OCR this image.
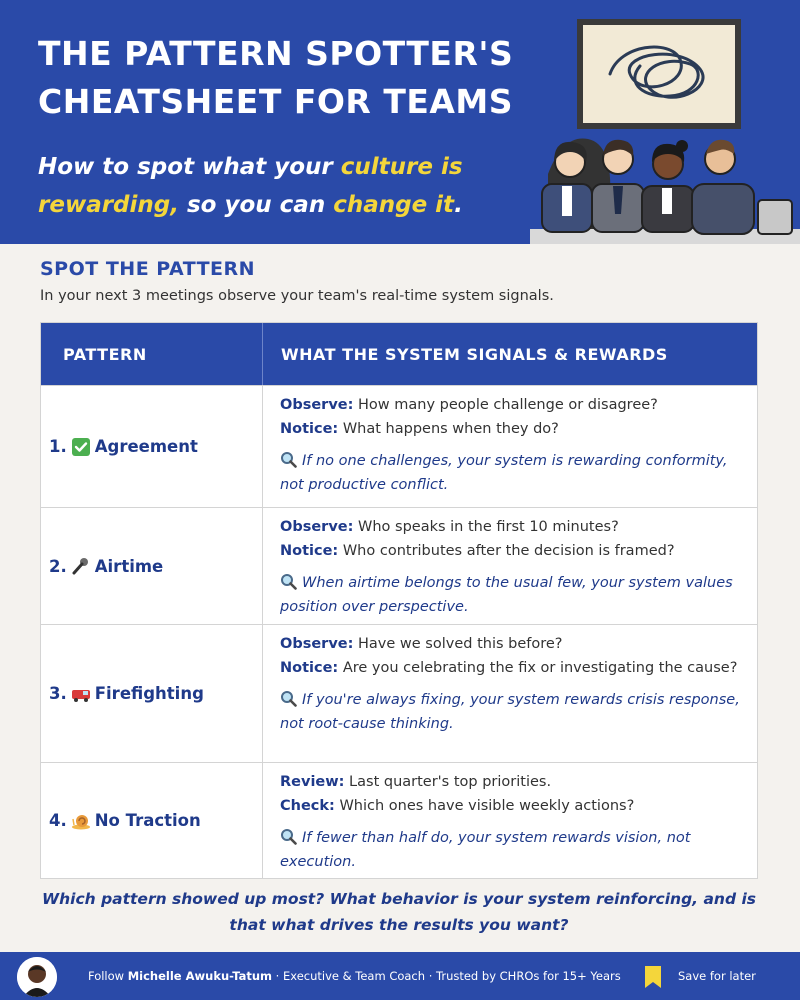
THE PATTERN SPOTTER'S
CHEATSHEET FOR TEAMS
How to spot what your culture is rewarding, so you can change it.
SPOT THE PATTERN
In your next 3 meetings observe your team's real-time system signals.
PATTERN	WHAT THE SYSTEM SIGNALS & REWARDS
1. Agreement
Observe: How many people challenge or disagree?
Notice: What happens when they do?
If no one challenges, your system is rewarding conformity, not productive conflict.
2. Airtime
Observe: Who speaks in the first 10 minutes?
Notice: Who contributes after the decision is framed?
When airtime belongs to the usual few, your system values position over perspective.
3. Firefighting
Observe: Have we solved this before?
Notice: Are you celebrating the fix or investigating the cause?
If you're always fixing, your system rewards crisis response, not root-cause thinking.
4. No Traction
Review: Last quarter's top priorities.
Check: Which ones have visible weekly actions?
If fewer than half do, your system rewards vision, not execution.
Which pattern showed up most? What behavior is your system reinforcing, and is that what drives the results you want?
Follow Michelle Awuku-Tatum · Executive & Team Coach · Trusted by CHROs for 15+ Years	Save for later
